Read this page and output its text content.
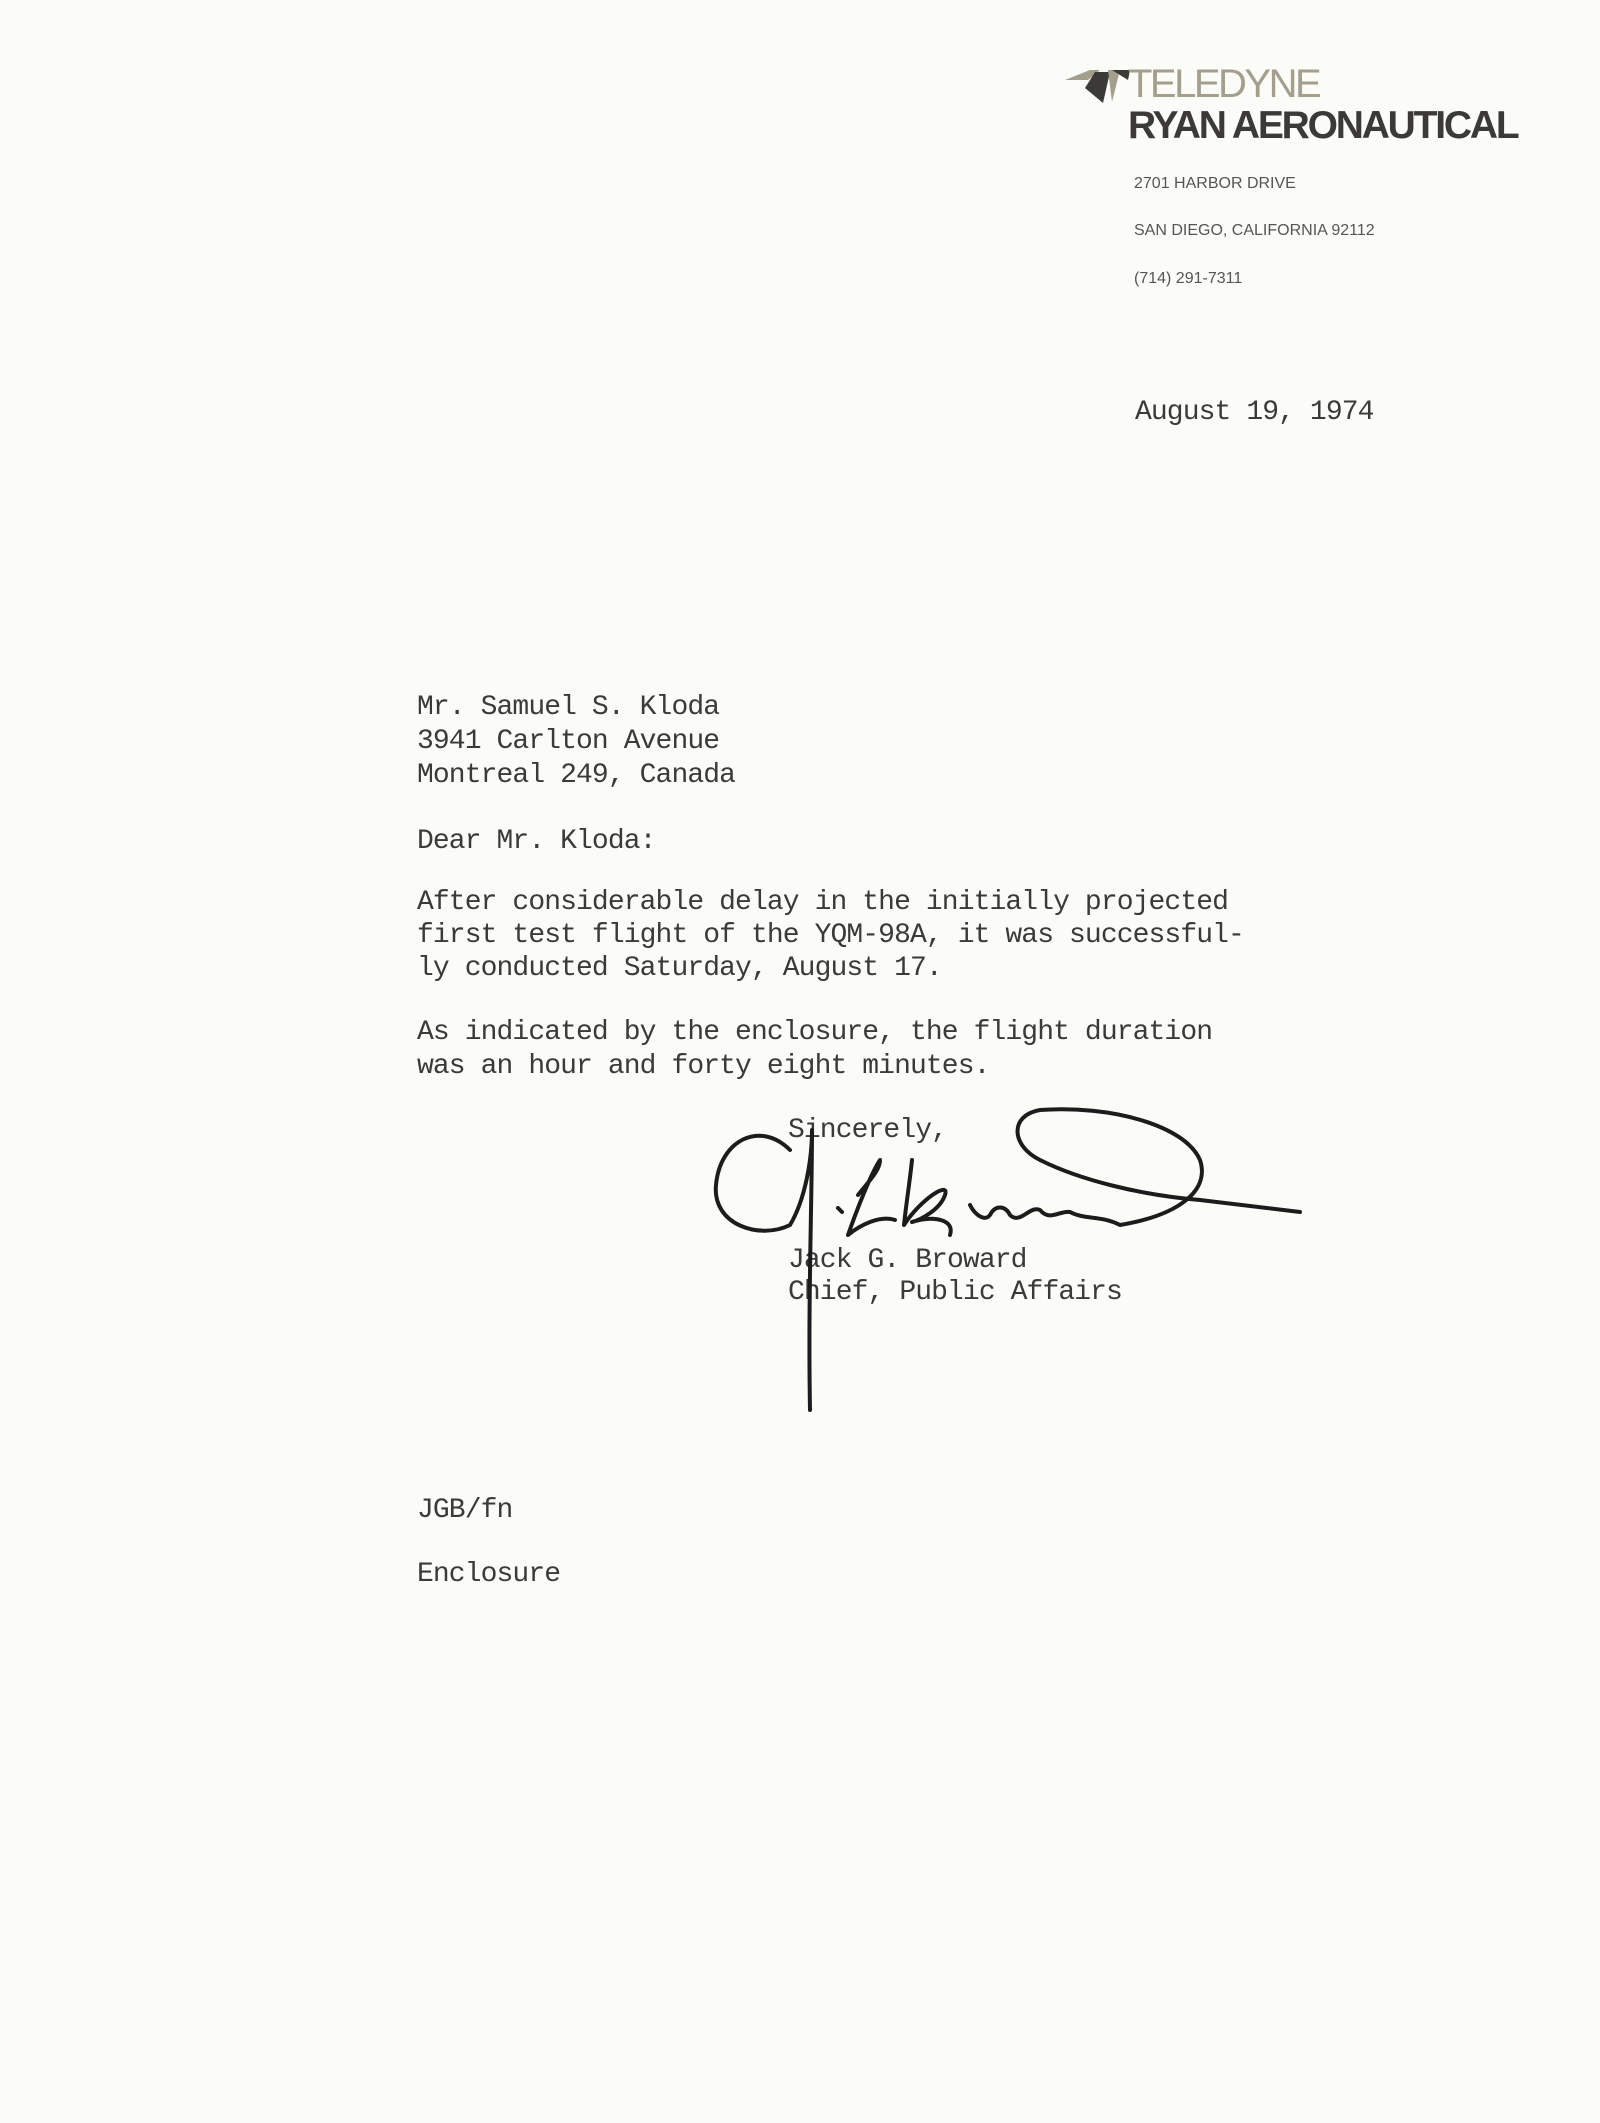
TELEDYNE
RYAN AERONAUTICAL
2701 HARBOR DRIVE
SAN DIEGO, CALIFORNIA 92112
(714) 291-7311
August 19, 1974
Mr. Samuel S. Kloda
3941 Carlton Avenue
Montreal 249, Canada
Dear Mr. Kloda:
After considerable delay in the initially projected
first test flight of the YQM-98A, it was successful-
ly conducted Saturday, August 17.
As indicated by the enclosure, the flight duration
was an hour and forty eight minutes.
Sincerely,
Jack G. Broward
Chief, Public Affairs
JGB/fn
Enclosure
